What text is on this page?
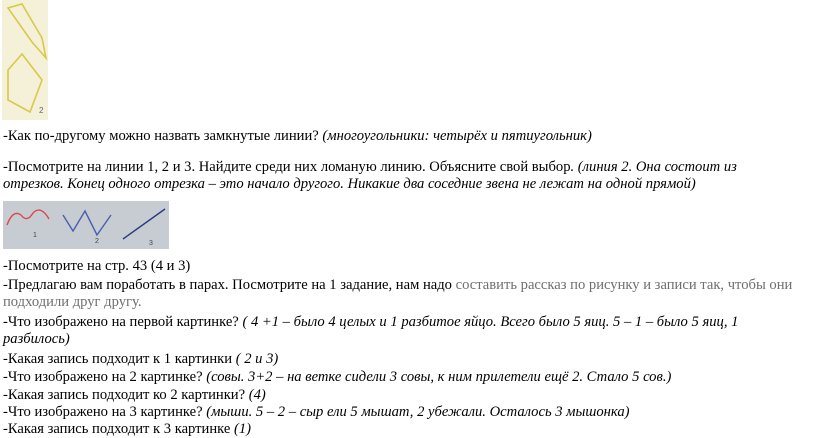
2
1
2	3
-Как по-другому можно назвать замкнутые линии? (многоугольники: четырёх и пятиугольник)
-Посмотрите на линии 1, 2 и 3. Найдите среди них ломаную линию. Объясните свой выбор. (линия 2. Она состоит из отрезков. Конец одного отрезка – это начало другого. Никакие два соседние звена не лежат на одной прямой)
-Посмотрите на стр. 43 (4 и 3)
-Предлагаю вам поработать в парах. Посмотрите на 1 задание, нам надо составить рассказ по рисунку и записи так, чтобы они подходили друг другу.
-Что изображено на первой картинке? ( 4 +1 – было 4 целых и 1 разбитое яйцо. Всего было 5 яиц. 5 – 1 – было 5 яиц, 1 разбилось)
-Какая запись подходит к 1 картинки ( 2 и 3)
-Что изображено на 2 картинке? (совы. 3+2 – на ветке сидели 3 совы, к ним прилетели ещё 2. Стало 5 сов.)
-Какая запись подходит ко 2 картинки? (4)
-Что изображено на 3 картинке? (мыши. 5 – 2 – сыр ели 5 мышат, 2 убежали. Осталось 3 мышонка)
-Какая запись подходит к 3 картинке (1)
